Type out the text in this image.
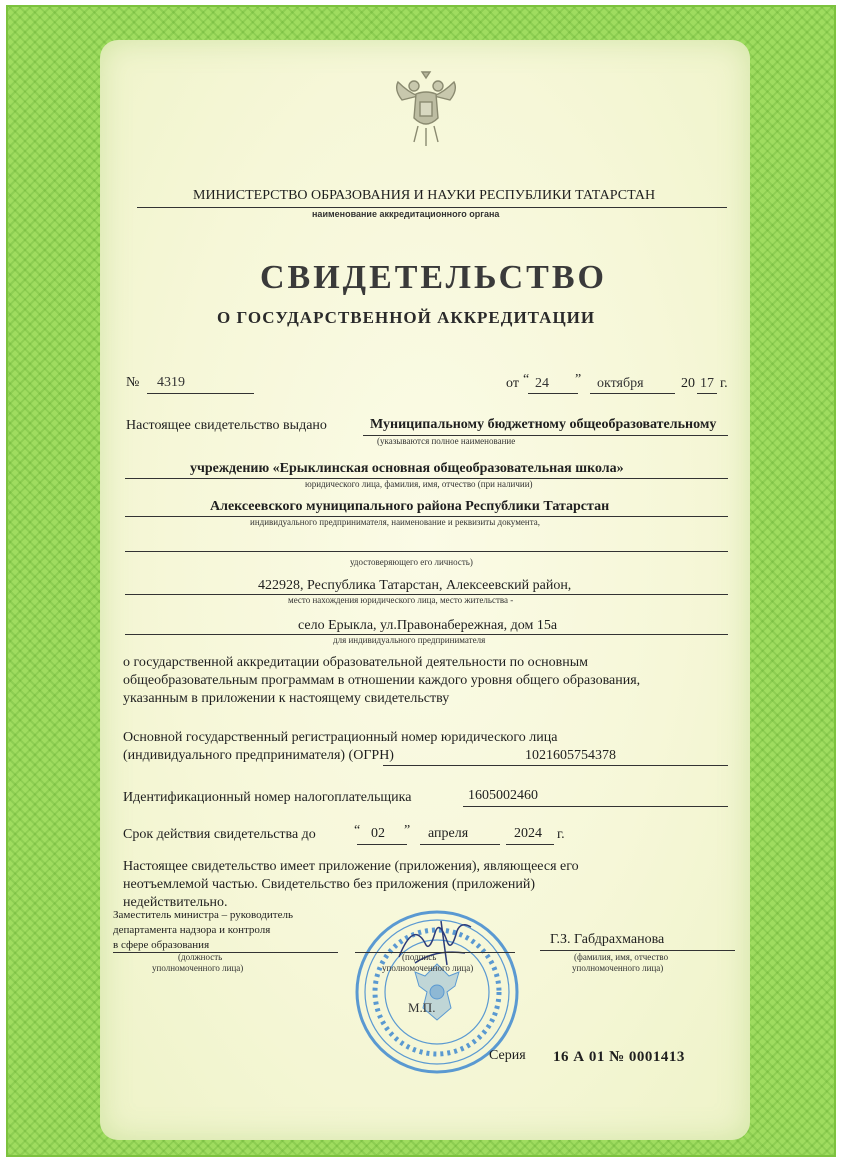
МИНИСТЕРСТВО ОБРАЗОВАНИЯ И НАУКИ РЕСПУБЛИКИ ТАТАРСТАН
наименование аккредитационного органа
СВИДЕТЕЛЬСТВО
О ГОСУДАРСТВЕННОЙ АККРЕДИТАЦИИ
№ 4319	от “ 24 ” октября	20 17 г.
Настоящее свидетельство выдано	Муниципальному бюджетному общеобразовательному
(указываются полное наименование
учреждению «Ерыклинская основная общеобразовательная школа»
юридического лица, фамилия, имя, отчество (при наличии)
Алексеевского муниципального района Республики Татарстан
индивидуального предпринимателя, наименование и реквизиты документа,
удостоверяющего его личность)
422928, Республика Татарстан, Алексеевский район,
место нахождения юридического лица, место жительства -
село Ерыкла, ул.Правонабережная, дом 15а
для индивидуального предпринимателя
о государственной аккредитации образовательной деятельности по основным
общеобразовательным программам в отношении каждого уровня общего образования,
указанным в приложении к настоящему свидетельству
Основной государственный регистрационный номер юридического лица
(индивидуального предпринимателя) (ОГРН)	1021605754378
Идентификационный номер налогоплательщика	1605002460
Срок действия свидетельства до	“ 02 ” апреля	2024 г.
Настоящее свидетельство имеет приложение (приложения), являющееся его
неотъемлемой частью. Свидетельство без приложения (приложений)
недействительно.
Заместитель министра – руководитель
департамента надзора и контроля
в сфере образования
(должность
уполномоченного лица)
(подпись
уполномоченного лица)
Г.З. Габдрахманова
(фамилия, имя, отчество
уполномоченного лица)
М.П.
Серия 16 А 01 № 0001413
